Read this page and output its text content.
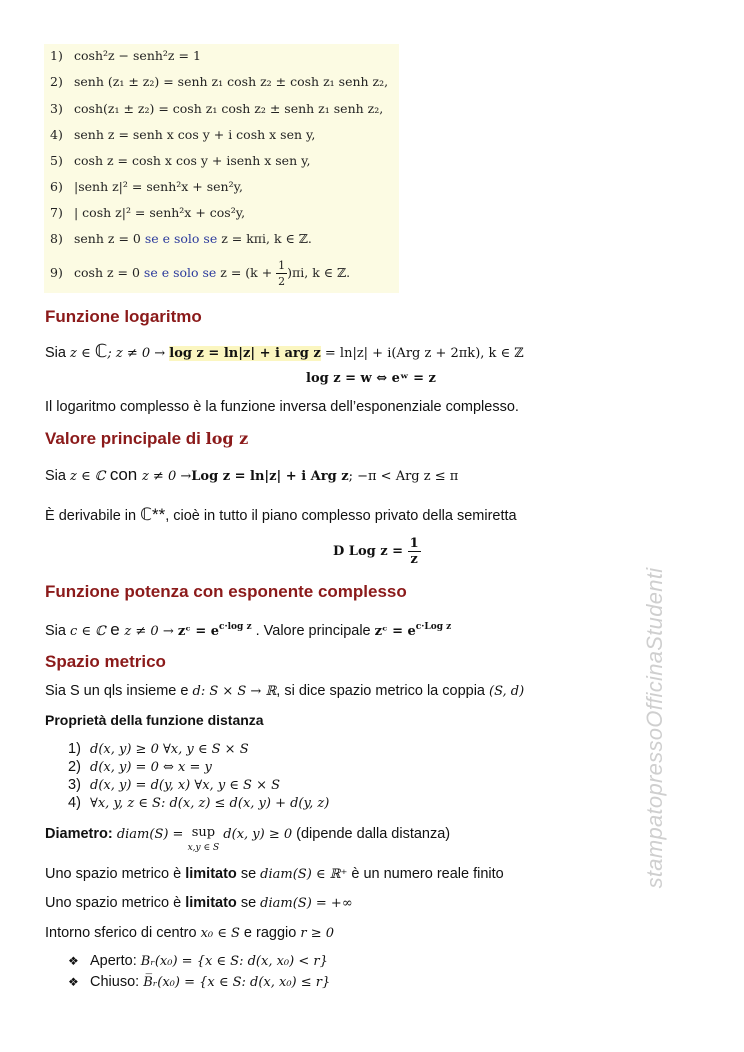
1) cosh²z − senh²z = 1
2) senh (z₁ ± z₂) = senh z₁ cosh z₂ ± cosh z₁ senh z₂,
3) cosh(z₁ ± z₂) = cosh z₁ cosh z₂ ± senh z₁ senh z₂,
4) senh z = senh x cos y + i cosh x sen y,
5) cosh z = cosh x cos y + isenh x sen y,
6) |senh z|² = senh²x + sen²y,
7) | cosh z|² = senh²x + cos²y,
8) senh z = 0 se e solo se z = kπi, k ∈ ℤ.
9) cosh z = 0 se e solo se $z = (k + \frac{1}{2} )\pi i$, k ∈ ℤ.
Funzione logaritmo
Sia z ∈ ℂ; z ≠ 0 → log z = ln|z| + i arg z = ln|z| + i(Arg z + 2πk), k ∈ ℤ
log z = w ⇔ eʷ = z
Il logaritmo complesso è la funzione inversa dell’esponenziale complesso.
Valore principale di log z
Sia z ∈ ℂ con z ≠ 0 →Log z = ln|z| + i Arg z; −π < Arg z ≤ π
È derivabile in ℂ**, cioè in tutto il piano complesso privato della semiretta
D Log $z = \frac{1}{z}$
Funzione potenza con esponente complesso
Sia c ∈ ℂ e z ≠ 0 → zᶜ = $e^{c\cdot log z}$ . Valore principale zᶜ = $e^{c\cdot Log z}$
Spazio metrico
Sia S un qls insieme e d: S × S → ℝ, si dice spazio metrico la coppia (S, d)
Proprietà della funzione distanza
1) d(x, y) ≥ 0 ∀x, y ∈ S × S
2) d(x, y) = 0 ⇔ x = y
3) d(x, y) = d(y, x) ∀x, y ∈ S × S
4) ∀x, y, z ∈ S: d(x, z) ≤ d(x, y) + d(y, z)
Diametro: diam(S) = sup
x,y ∈ S d(x, y) ≥ 0 (dipende dalla distanza)
Uno spazio metrico è limitato se diam(S) ∈ ℝ⁺ è un numero reale finito
Uno spazio metrico è limitato se diam(S) = +∞
Intorno sferico di centro x₀ ∈ S e raggio r ≥ 0
❖ Aperto: Bᵣ(x₀) = {x ∈ S: d(x, x₀) < r}
❖ Chiuso: B̅ᵣ(x₀) = {x ∈ S: d(x, x₀) ≤ r}
stampatopressoOfficinaStudenti
